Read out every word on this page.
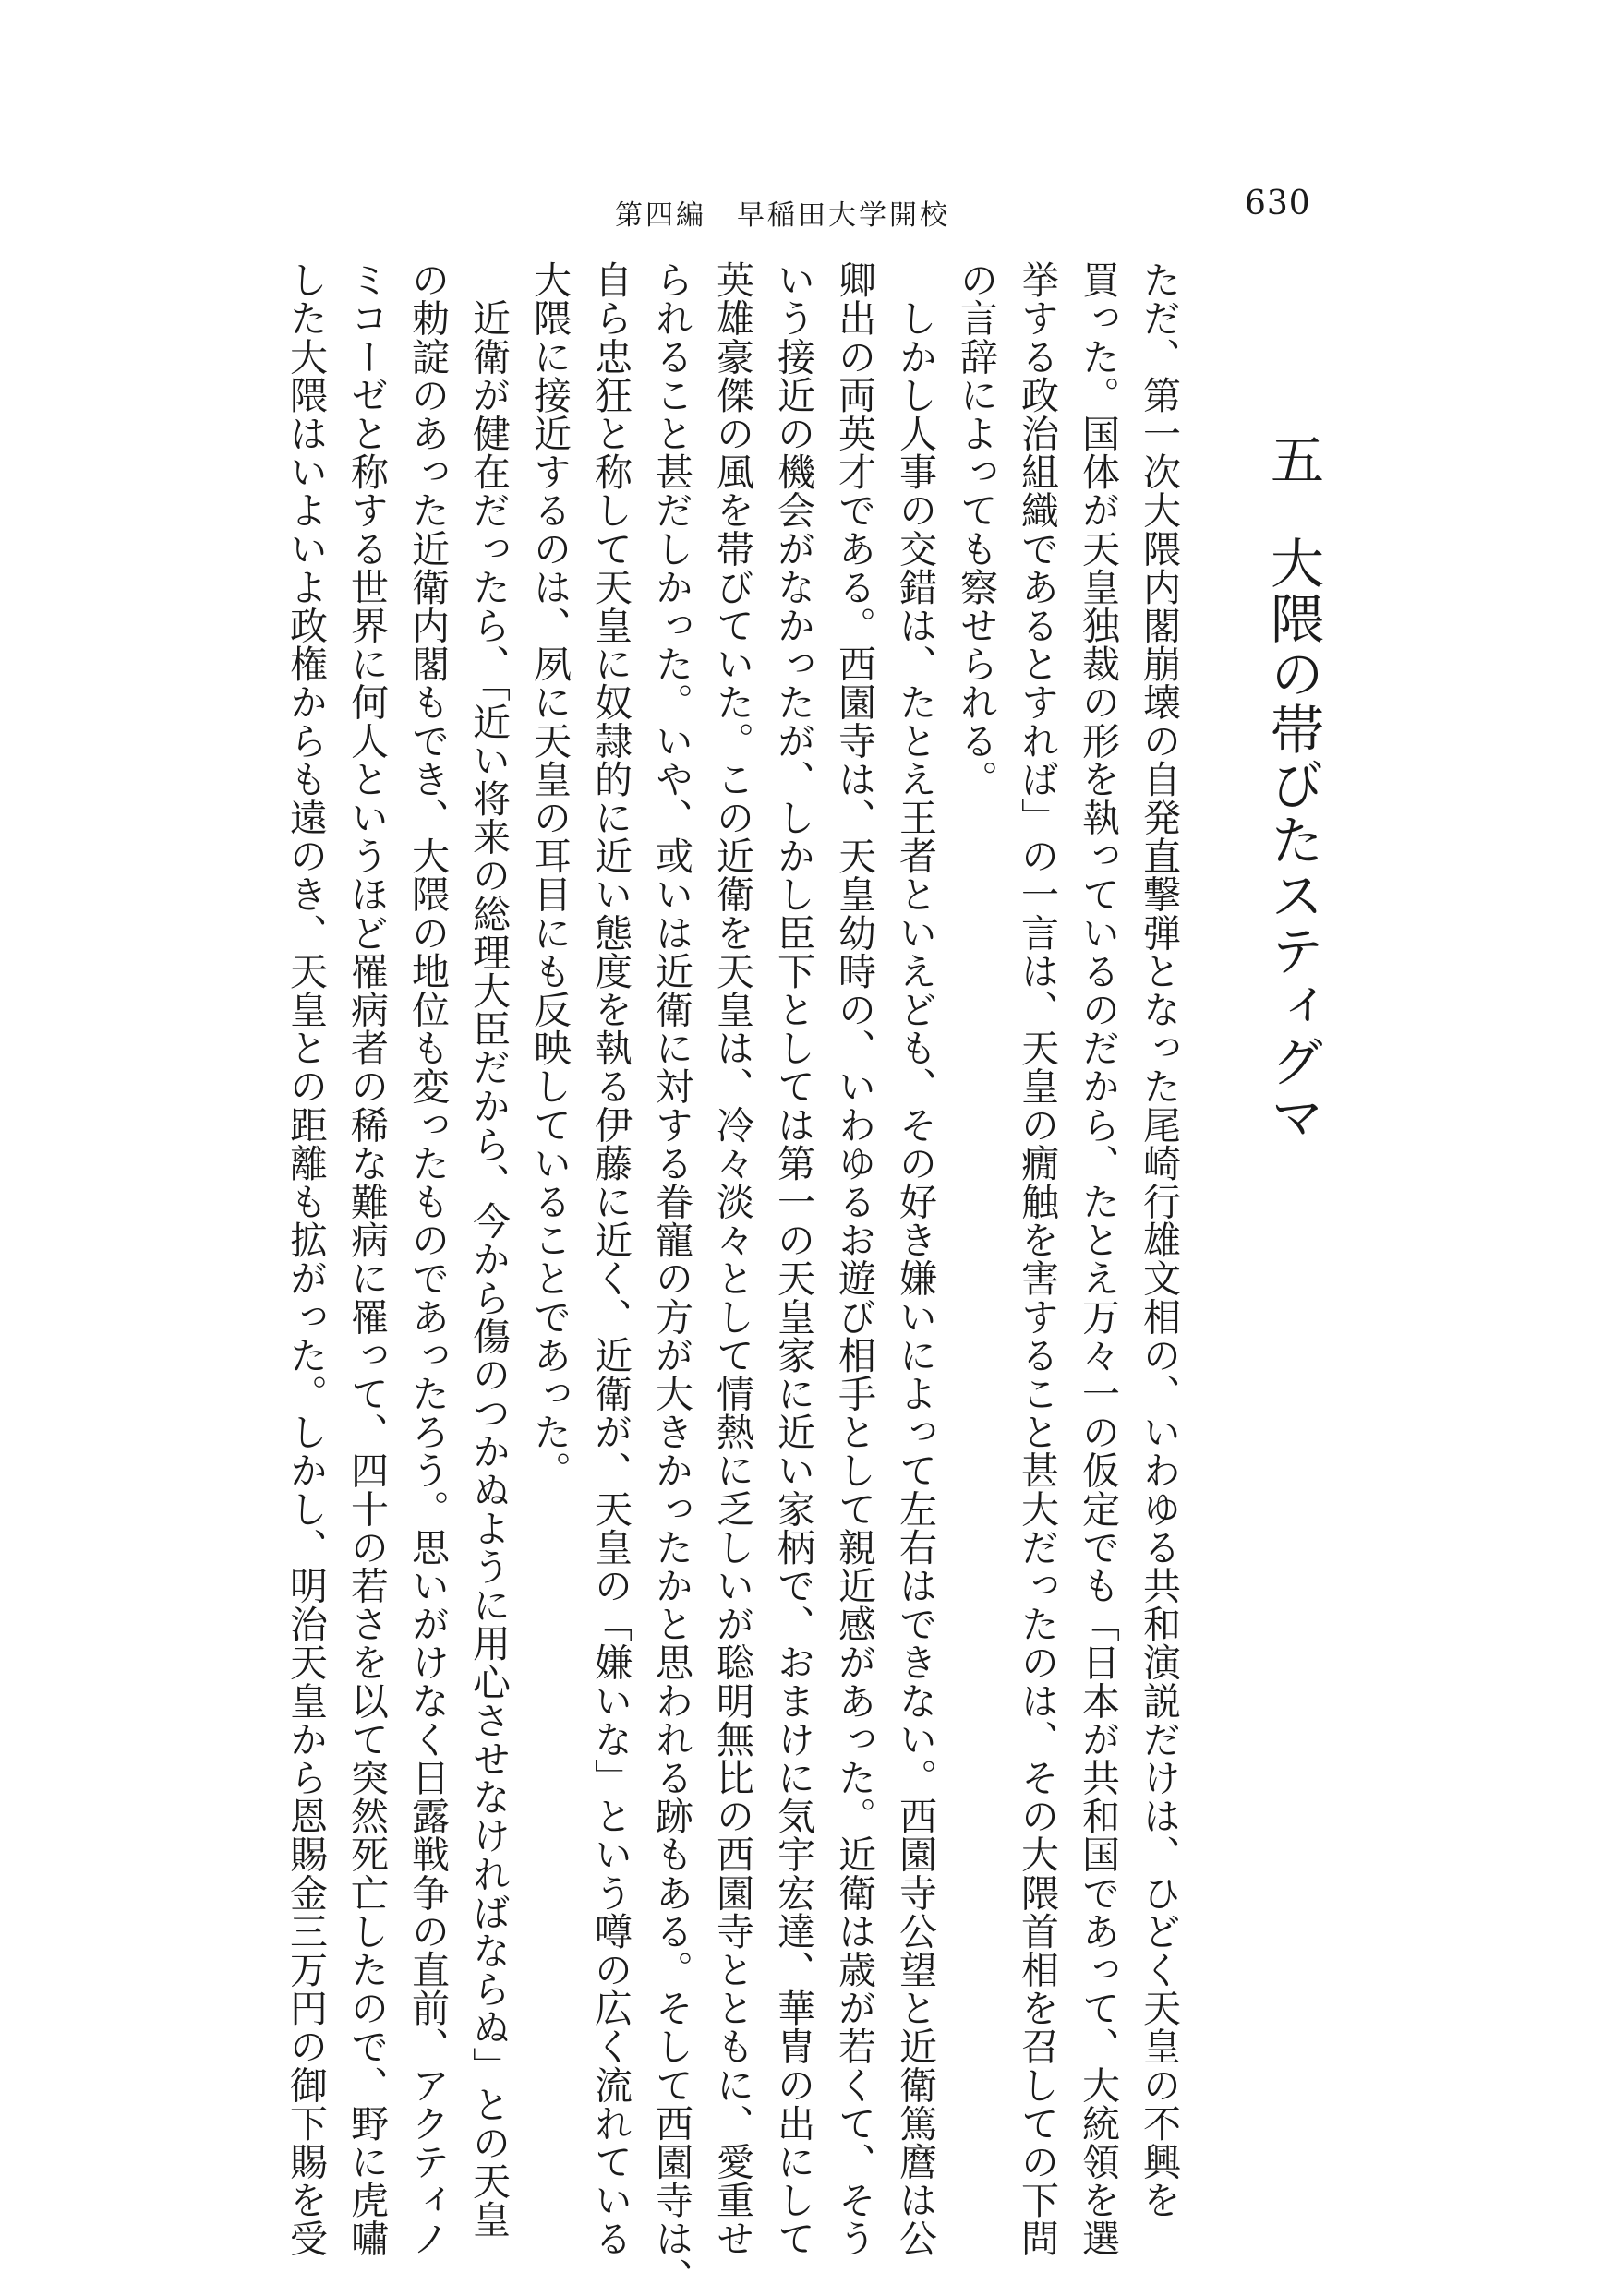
第四編　早稲田大学開校	630
五大隈の帯びたスティグマ
ただ、第一次大隈内閣崩壊の自発直撃弾となった尾崎行雄文相の、いわゆる共和演説だけは、ひどく天皇の不興を
買った。国体が天皇独裁の形を執っているのだから、たとえ万々一の仮定でも「日本が共和国であって、大統領を選
挙する政治組織であるとすれば」の一言は、天皇の癇触を害すること甚大だったのは、その大隈首相を召しての下問
の言辞によっても察せられる。
　しかし人事の交錯は、たとえ王者といえども、その好き嫌いによって左右はできない。西園寺公望と近衛篤麿は公
卿出の両英才である。西園寺は、天皇幼時の、いわゆるお遊び相手として親近感があった。近衛は歳が若くて、そう
いう接近の機会がなかったが、しかし臣下としては第一の天皇家に近い家柄で、おまけに気宇宏達、華冑の出にして
英雄豪傑の風を帯びていた。この近衛を天皇は、冷々淡々として情熱に乏しいが聡明無比の西園寺とともに、愛重せ
られること甚だしかった。いや、或いは近衛に対する眷寵の方が大きかったかと思われる跡もある。そして西園寺は、
自ら忠狂と称して天皇に奴隷的に近い態度を執る伊藤に近く、近衛が、天皇の「嫌いな」という噂の広く流れている
大隈に接近するのは、夙に天皇の耳目にも反映していることであった。
　近衛が健在だったら、「近い将来の総理大臣だから、今から傷のつかぬように用心させなければならぬ」との天皇
の勅諚のあった近衛内閣もでき、大隈の地位も変ったものであったろう。思いがけなく日露戦争の直前、アクティノ
ミコーゼと称する世界に何人というほど罹病者の稀な難病に罹って、四十の若さを以て突然死亡したので、野に虎嘯
した大隈はいよいよ政権からも遠のき、天皇との距離も拡がった。しかし、明治天皇から恩賜金三万円の御下賜を受
